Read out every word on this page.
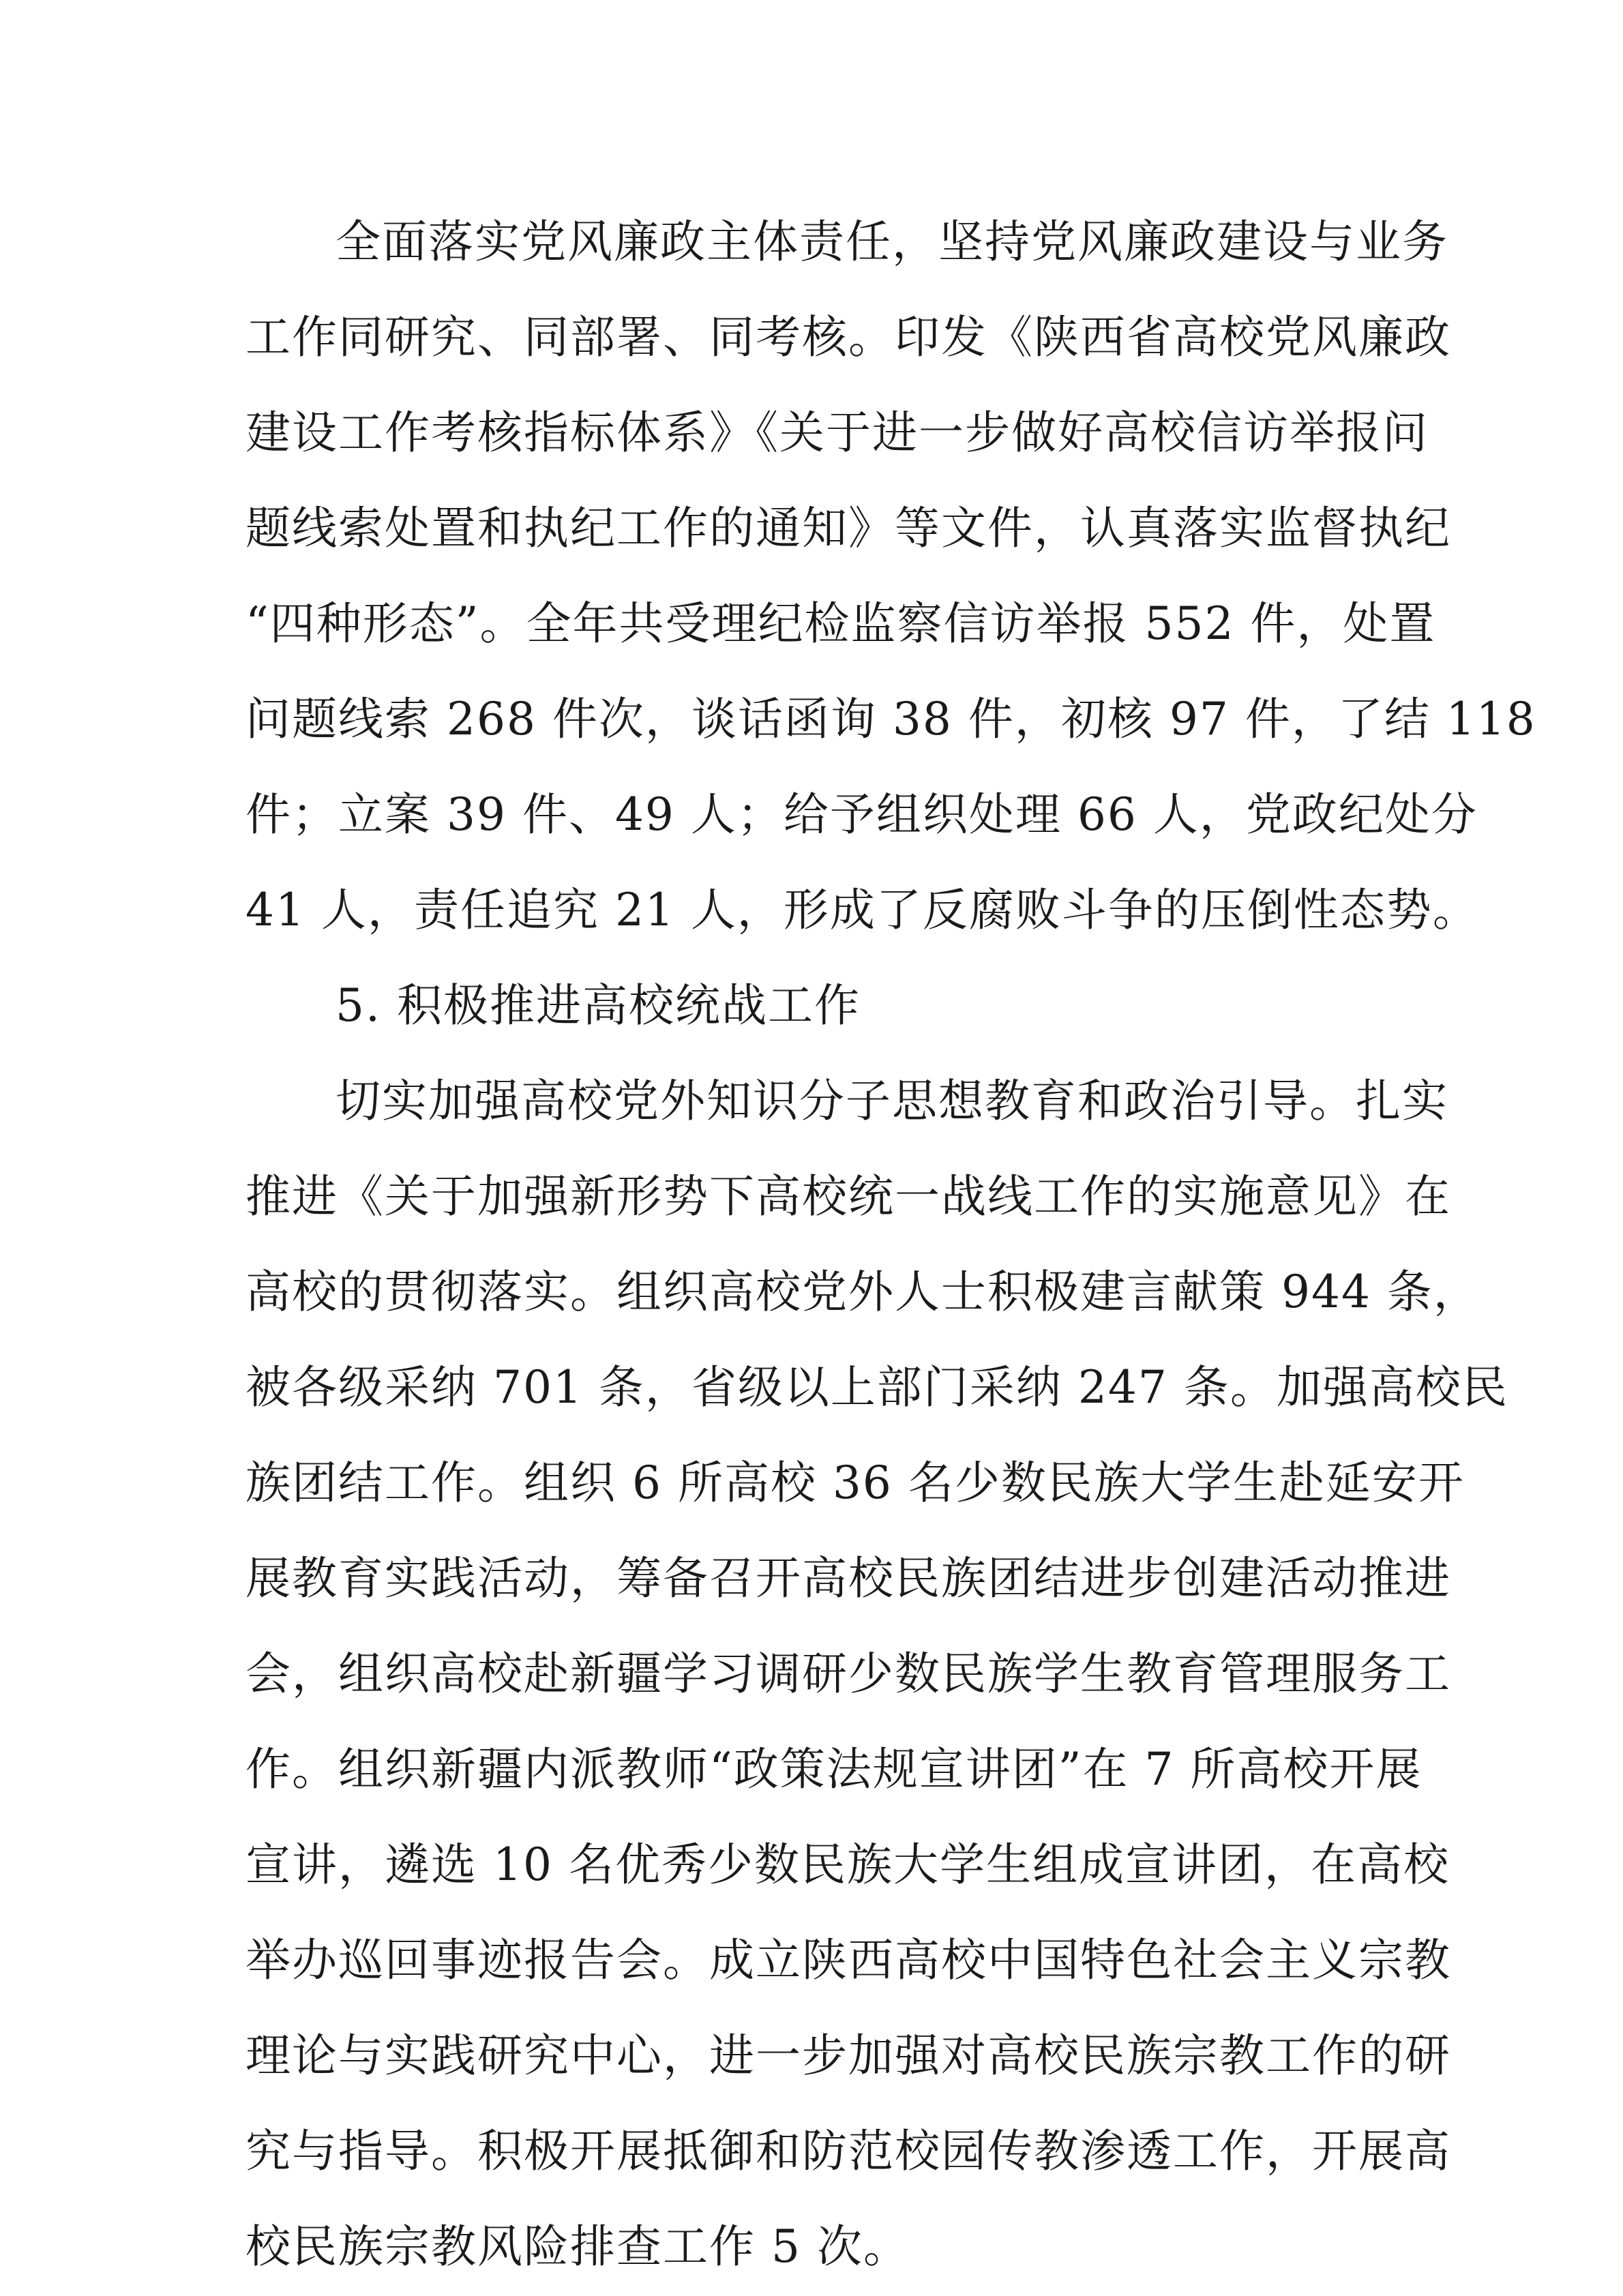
全面落实党风廉政主体责任，坚持党风廉政建设与业务
工作同研究、同部署、同考核。印发《陕西省高校党风廉政
建设工作考核指标体系》《关于进一步做好高校信访举报问
题线索处置和执纪工作的通知》等文件，认真落实监督执纪
“四种形态”。全年共受理纪检监察信访举报 552 件，处置
问题线索 268 件次，谈话函询 38 件，初核 97 件，了结 118
件；立案 39 件、49 人；给予组织处理 66 人，党政纪处分
41 人，责任追究 21 人，形成了反腐败斗争的压倒性态势。
5. 积极推进高校统战工作
切实加强高校党外知识分子思想教育和政治引导。扎实
推进《关于加强新形势下高校统一战线工作的实施意见》在
高校的贯彻落实。组织高校党外人士积极建言献策 944 条，
被各级采纳 701 条，省级以上部门采纳 247 条。加强高校民
族团结工作。组织 6 所高校 36 名少数民族大学生赴延安开
展教育实践活动，筹备召开高校民族团结进步创建活动推进
会，组织高校赴新疆学习调研少数民族学生教育管理服务工
作。组织新疆内派教师“政策法规宣讲团”在 7 所高校开展
宣讲，遴选 10 名优秀少数民族大学生组成宣讲团，在高校
举办巡回事迹报告会。成立陕西高校中国特色社会主义宗教
理论与实践研究中心，进一步加强对高校民族宗教工作的研
究与指导。积极开展抵御和防范校园传教渗透工作，开展高
校民族宗教风险排查工作 5 次。
